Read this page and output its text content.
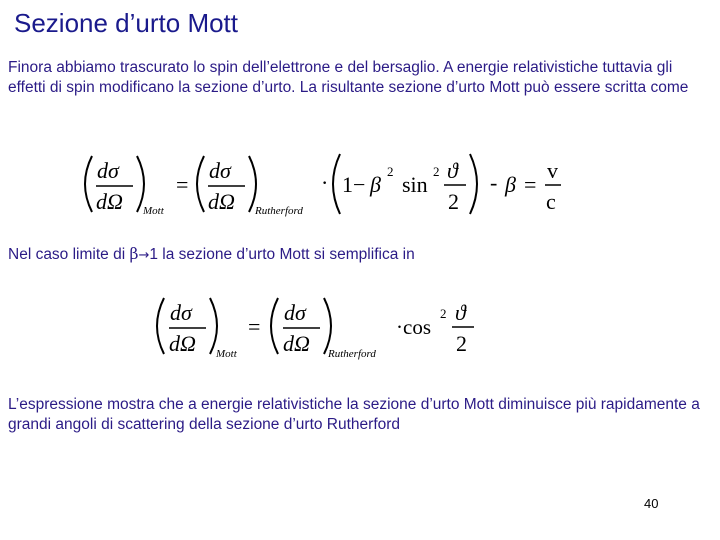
Sezione d’urto Mott
Finora abbiamo trascurato lo spin dell’elettrone e del bersaglio. A energie relativistiche tuttavia gli effetti di spin modificano la sezione d’urto. La risultante sezione d’urto Mott può essere scritta come
dσ
dΩ Mott
=
dσ
dΩ Rutherford
· 1− β
2
sin
2 ϑ
2
- β =
v
c
Nel caso limite di β→1 la sezione d’urto Mott si semplifica in
dσ
dΩ Mott
=
dσ
dΩ Rutherford
·cos
2 ϑ
2
L’espressione mostra che a energie relativistiche la sezione d’urto Mott diminuisce più rapidamente a grandi angoli di scattering della sezione d’urto Rutherford
40
